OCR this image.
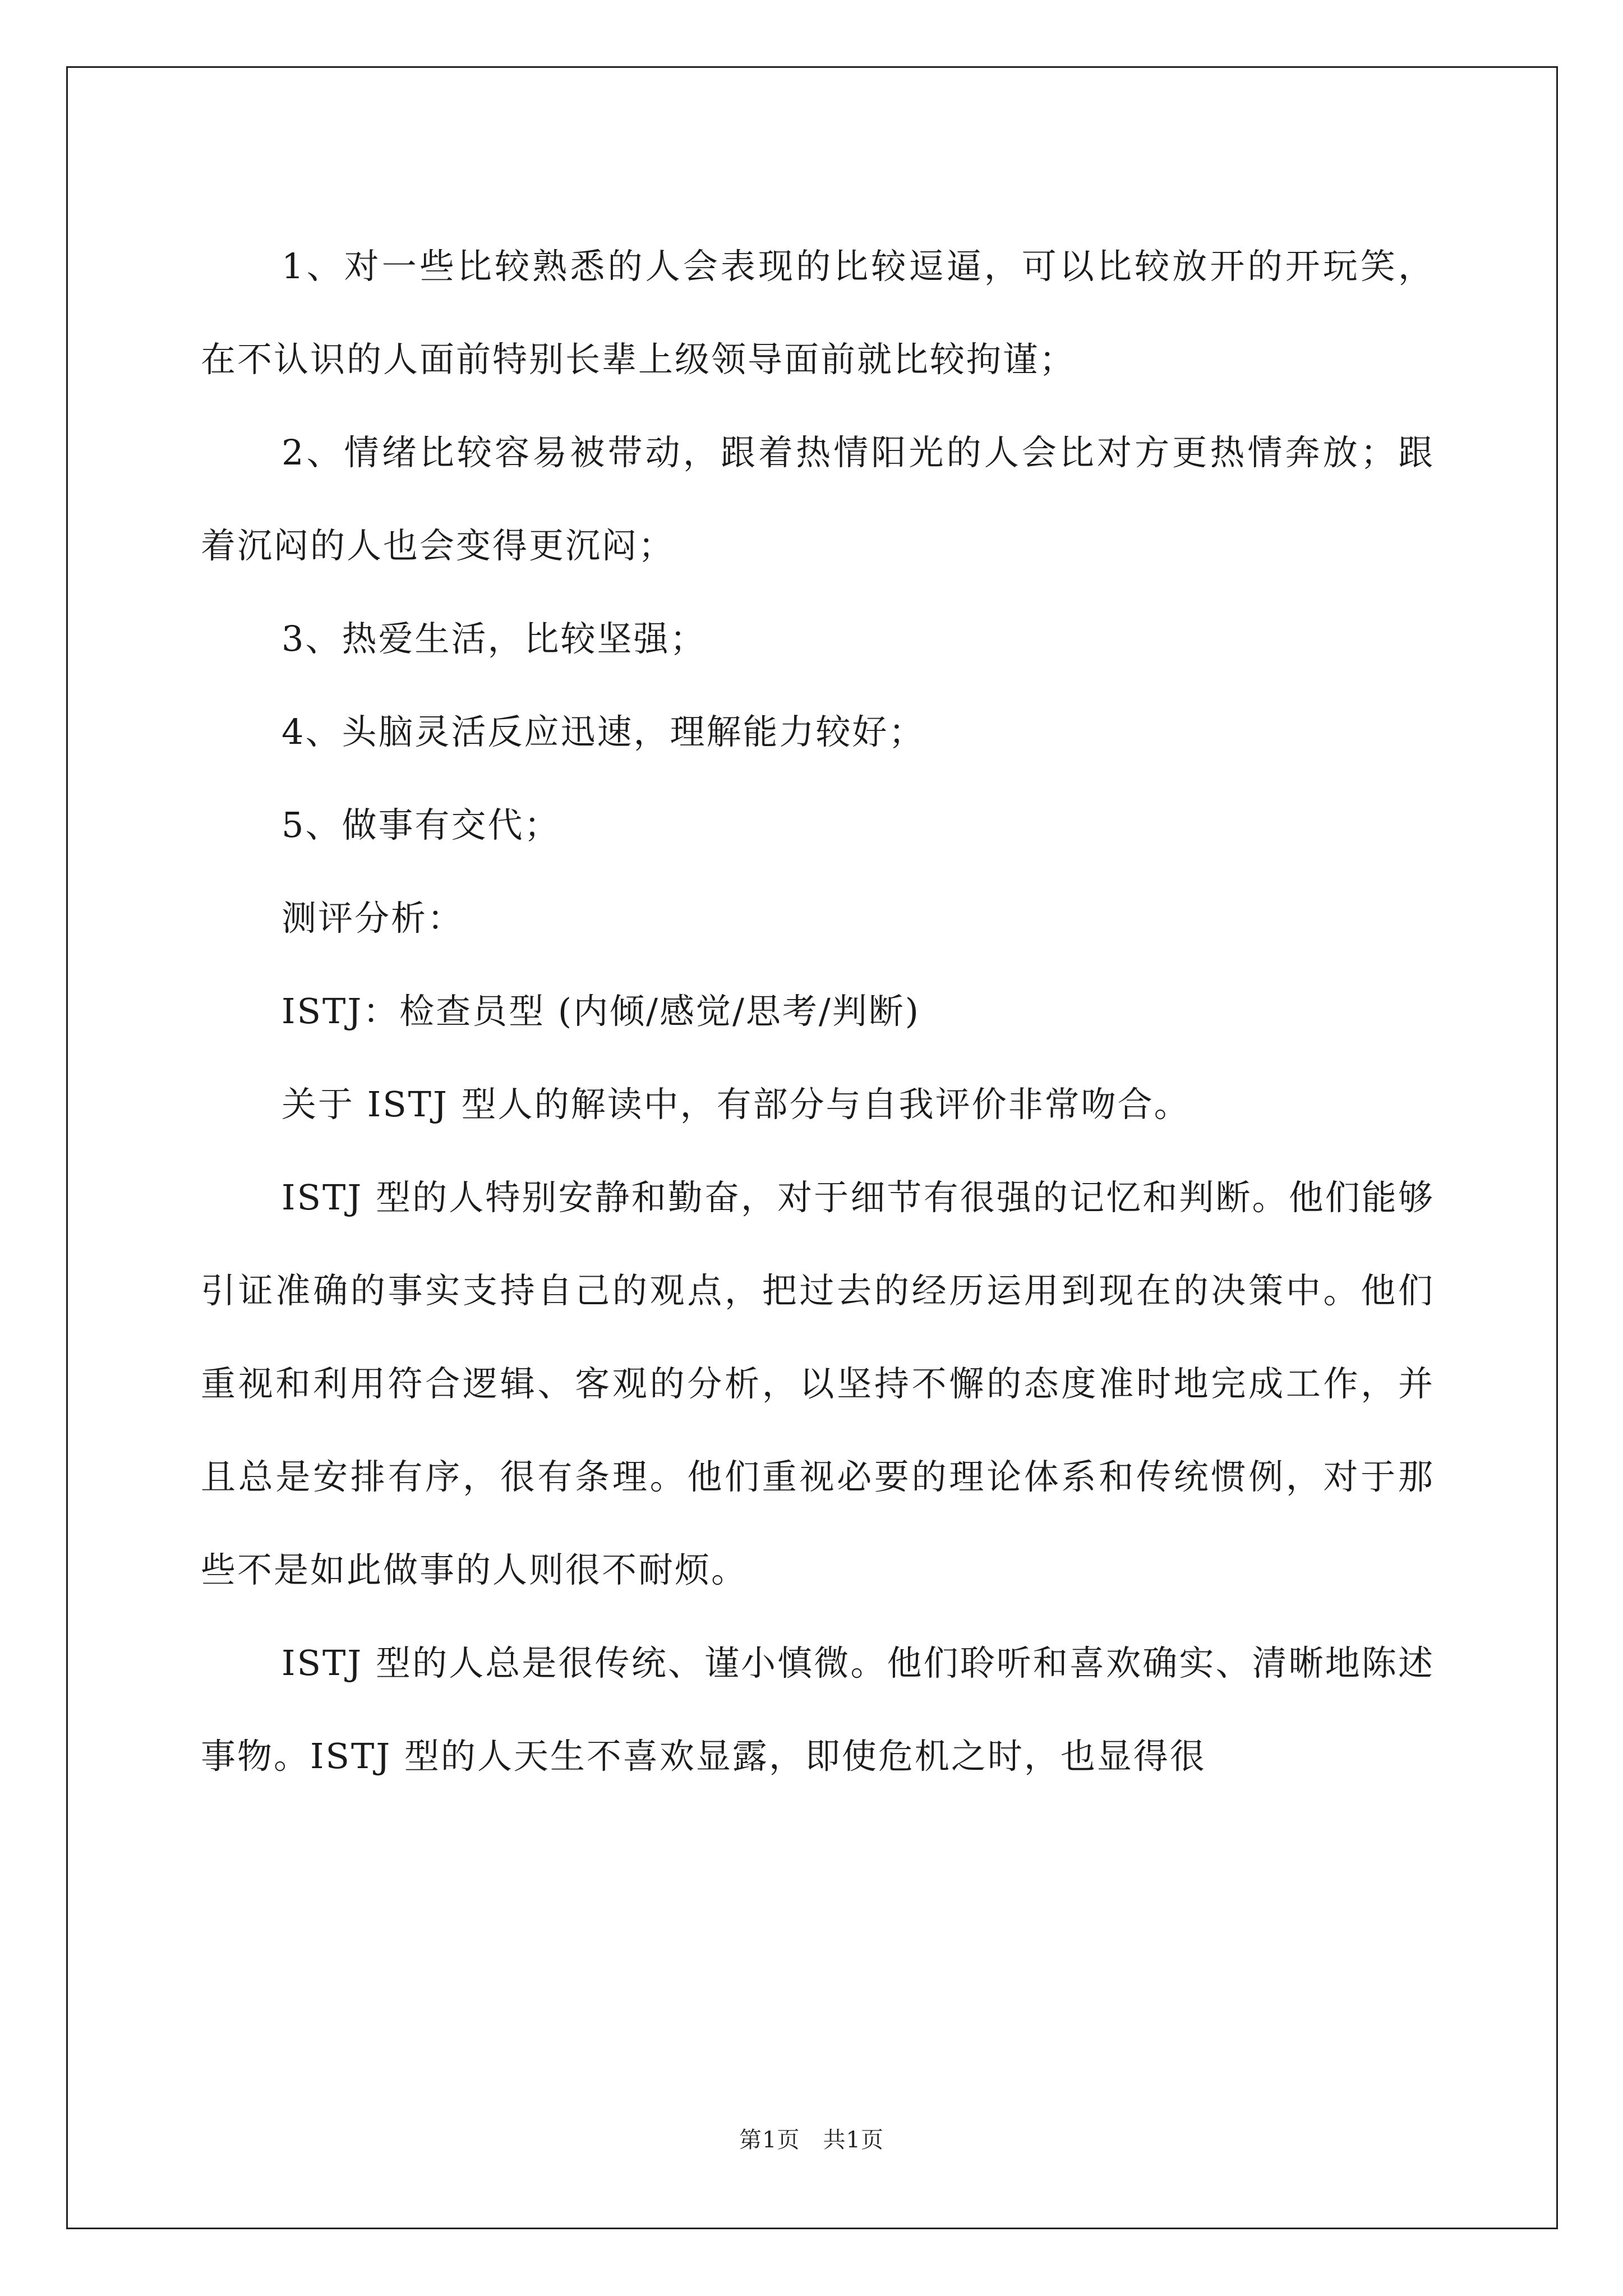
1、对一些比较熟悉的人会表现的比较逗逼，可以比较放开的开玩笑，在不认识的人面前特别长辈上级领导面前就比较拘谨；

2、情绪比较容易被带动，跟着热情阳光的人会比对方更热情奔放；跟着沉闷的人也会变得更沉闷；

3、热爱生活，比较坚强；

4、头脑灵活反应迅速，理解能力较好；

5、做事有交代；

测评分析：

ISTJ：检查员型 (内倾/感觉/思考/判断)

关于 ISTJ 型人的解读中，有部分与自我评价非常吻合。

ISTJ 型的人特别安静和勤奋，对于细节有很强的记忆和判断。他们能够引证准确的事实支持自己的观点，把过去的经历运用到现在的决策中。他们重视和利用符合逻辑、客观的分析，以坚持不懈的态度准时地完成工作，并且总是安排有序，很有条理。他们重视必要的理论体系和传统惯例，对于那些不是如此做事的人则很不耐烦。

ISTJ 型的人总是很传统、谨小慎微。他们聆听和喜欢确实、清晰地陈述事物。ISTJ 型的人天生不喜欢显露，即使危机之时，也显得很

第1页　共1页
